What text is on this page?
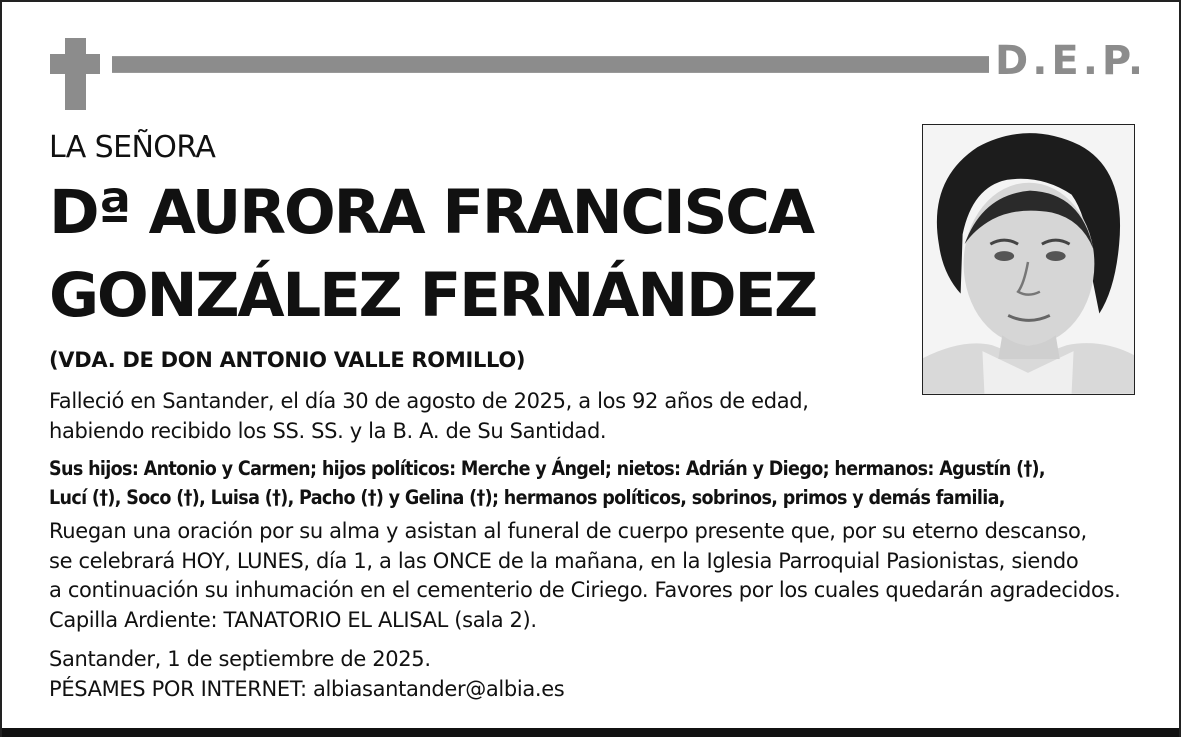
D.E.P.
LA SEÑORA
Dª AURORA FRANCISCA
GONZÁLEZ FERNÁNDEZ
(VDA. DE DON ANTONIO VALLE ROMILLO)
Falleció en Santander, el día 30 de agosto de 2025, a los 92 años de edad,
habiendo recibido los SS. SS. y la B. A. de Su Santidad.
Sus hijos: Antonio y Carmen; hijos políticos: Merche y Ángel; nietos: Adrián y Diego; hermanos: Agustín (†),
Lucí (†), Soco (†), Luisa (†), Pacho (†) y Gelina (†); hermanos políticos, sobrinos, primos y demás familia,
Ruegan una oración por su alma y asistan al funeral de cuerpo presente que, por su eterno descanso,
se celebrará HOY, LUNES, día 1, a las ONCE de la mañana, en la Iglesia Parroquial Pasionistas, siendo
a continuación su inhumación en el cementerio de Ciriego. Favores por los cuales quedarán agradecidos.
Capilla Ardiente: TANATORIO EL ALISAL (sala 2).
Santander, 1 de septiembre de 2025.
PÉSAMES POR INTERNET: albiasantander@albia.es
